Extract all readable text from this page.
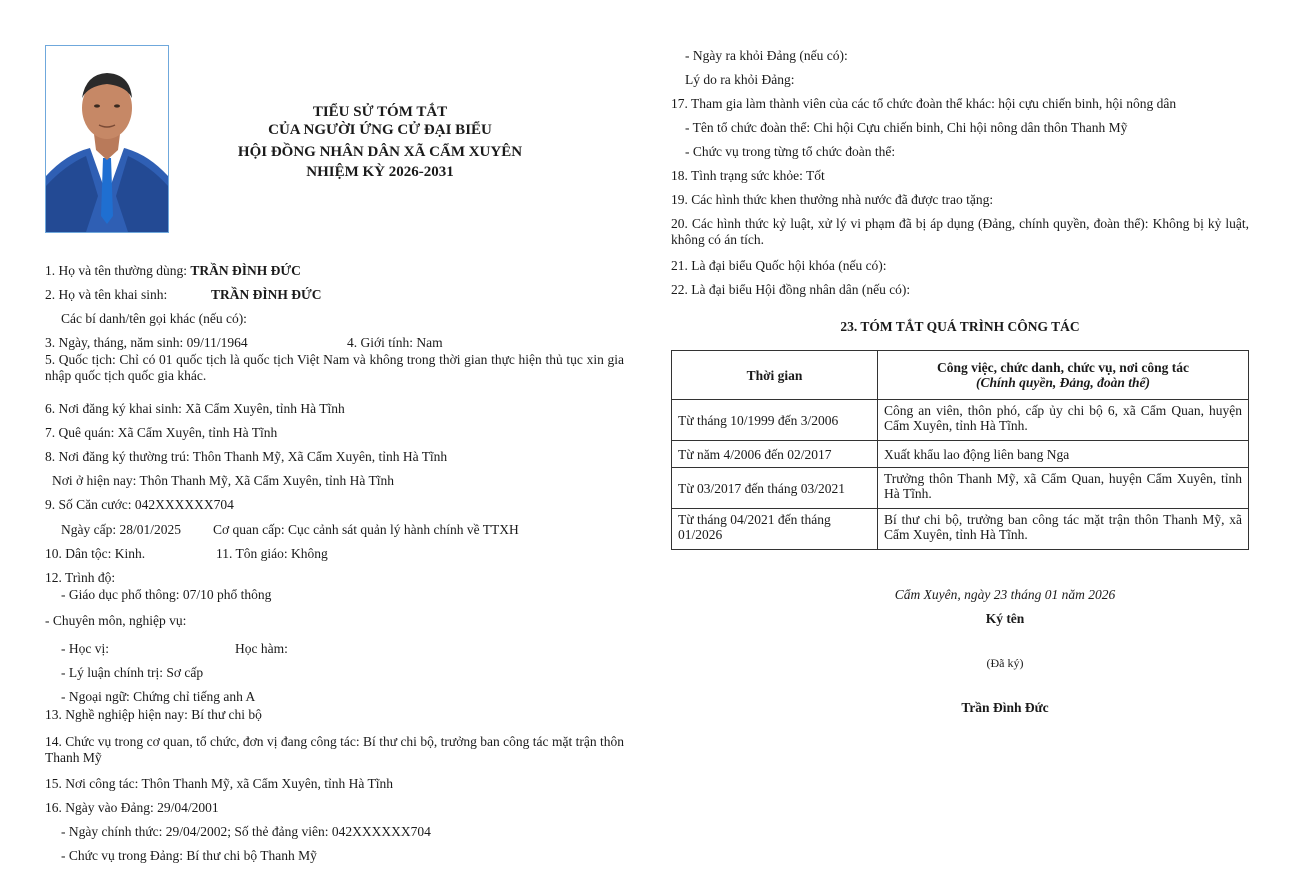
TIỂU SỬ TÓM TẮT
CỦA NGƯỜI ỨNG CỬ ĐẠI BIỂU
HỘI ĐỒNG NHÂN DÂN XÃ CẨM XUYÊN
NHIỆM KỲ 2026-2031
1. Họ và tên thường dùng: TRẦN ĐÌNH ĐỨC
2. Họ và tên khai sinh:	TRẦN ĐÌNH ĐỨC
Các bí danh/tên gọi khác (nếu có):
3. Ngày, tháng, năm sinh: 09/11/1964	4. Giới tính: Nam
5. Quốc tịch: Chỉ có 01 quốc tịch là quốc tịch Việt Nam và không trong thời gian thực hiện thủ tục xin gia nhập quốc tịch quốc gia khác.
6. Nơi đăng ký khai sinh: Xã Cẩm Xuyên, tỉnh Hà Tĩnh
7. Quê quán: Xã Cẩm Xuyên, tỉnh Hà Tĩnh
8. Nơi đăng ký thường trú: Thôn Thanh Mỹ, Xã Cẩm Xuyên, tỉnh Hà Tĩnh
Nơi ở hiện nay: Thôn Thanh Mỹ, Xã Cẩm Xuyên, tỉnh Hà Tĩnh
9. Số Căn cước: 042XXXXXX704
Ngày cấp: 28/01/2025 Cơ quan cấp: Cục cảnh sát quản lý hành chính về TTXH
10. Dân tộc: Kinh.	11. Tôn giáo: Không
12. Trình độ:
- Giáo dục phổ thông: 07/10 phổ thông
- Chuyên môn, nghiệp vụ:
- Học vị:	Học hàm:
- Lý luận chính trị: Sơ cấp
- Ngoại ngữ: Chứng chỉ tiếng anh A
13. Nghề nghiệp hiện nay: Bí thư chi bộ
14. Chức vụ trong cơ quan, tổ chức, đơn vị đang công tác: Bí thư chi bộ, trưởng ban công tác mặt trận thôn Thanh Mỹ
15. Nơi công tác: Thôn Thanh Mỹ, xã Cẩm Xuyên, tỉnh Hà Tĩnh
16. Ngày vào Đảng: 29/04/2001
- Ngày chính thức: 29/04/2002; Số thẻ đảng viên: 042XXXXXX704
- Chức vụ trong Đảng: Bí thư chi bộ Thanh Mỹ
- Ngày ra khỏi Đảng (nếu có):
Lý do ra khỏi Đảng:
17. Tham gia làm thành viên của các tổ chức đoàn thể khác: hội cựu chiến binh, hội nông dân
- Tên tổ chức đoàn thể: Chi hội Cựu chiến binh, Chi hội nông dân thôn Thanh Mỹ
- Chức vụ trong từng tổ chức đoàn thể:
18. Tình trạng sức khỏe: Tốt
19. Các hình thức khen thưởng nhà nước đã được trao tặng:
20. Các hình thức kỷ luật, xử lý vi phạm đã bị áp dụng (Đảng, chính quyền, đoàn thể): Không bị kỷ luật, không có án tích.
21. Là đại biểu Quốc hội khóa (nếu có):
22. Là đại biểu Hội đồng nhân dân (nếu có):
23. TÓM TẮT QUÁ TRÌNH CÔNG TÁC
Thời gian	Công việc, chức danh, chức vụ, nơi công tác
(Chính quyền, Đảng, đoàn thể)

Từ tháng 10/1999 đến 3/2006	Công an viên, thôn phó, cấp ủy chi bộ 6, xã Cẩm Quan, huyện Cẩm Xuyên, tỉnh Hà Tĩnh.
Từ năm 4/2006 đến 02/2017	Xuất khẩu lao động liên bang Nga
Từ 03/2017 đến tháng 03/2021	Trưởng thôn Thanh Mỹ, xã Cẩm Quan, huyện Cẩm Xuyên, tỉnh Hà Tĩnh.
Từ tháng 04/2021 đến tháng 01/2026	Bí thư chi bộ, trưởng ban công tác mặt trận thôn Thanh Mỹ, xã Cẩm Xuyên, tỉnh Hà Tĩnh.
Cẩm Xuyên, ngày 23 tháng 01 năm 2026
Ký tên
(Đã ký)
Trần Đình Đức
